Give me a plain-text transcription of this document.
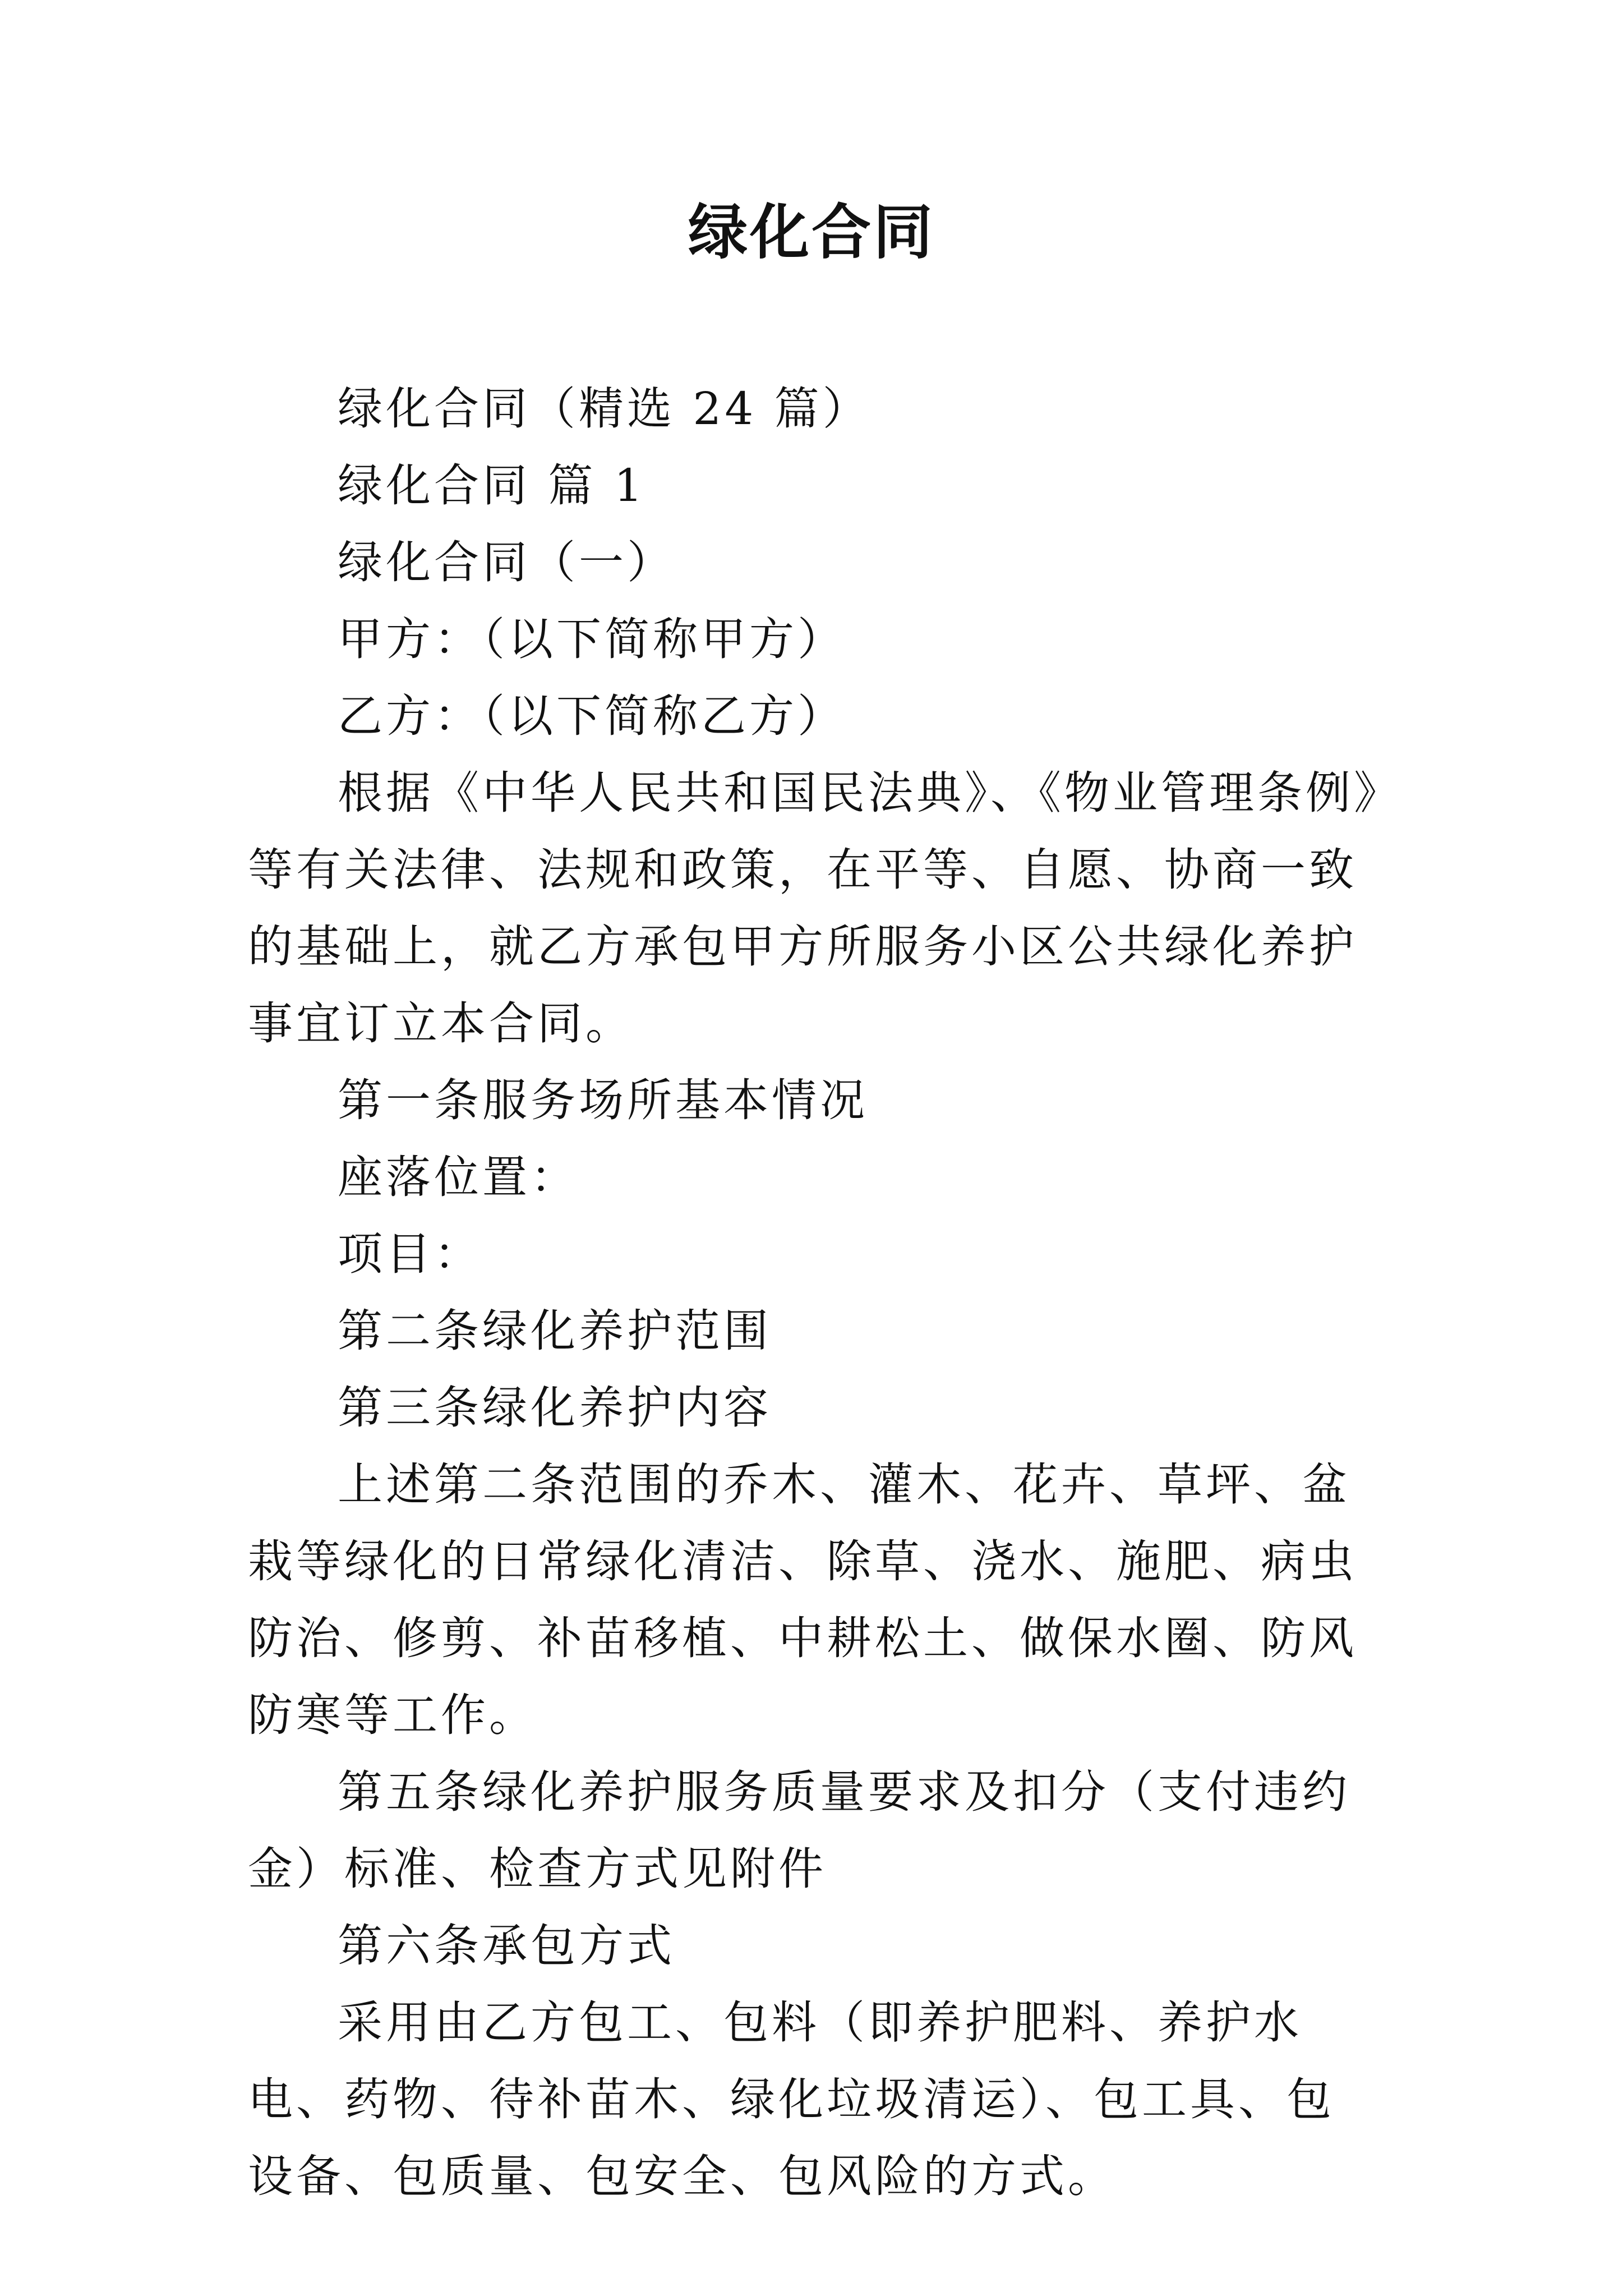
绿化合同

绿化合同（精选 24 篇）

绿化合同 篇 1

绿化合同（一）

甲方：（以下简称甲方）

乙方：（以下简称乙方）

根据《中华人民共和国民法典》、《物业管理条例》等有关法律、法规和政策，在平等、自愿、协商一致的基础上，就乙方承包甲方所服务小区公共绿化养护事宜订立本合同。

第一条服务场所基本情况

座落位置：

项目：

第二条绿化养护范围

第三条绿化养护内容

上述第二条范围的乔木、灌木、花卉、草坪、盆栽等绿化的日常绿化清洁、除草、浇水、施肥、病虫防治、修剪、补苗移植、中耕松土、做保水圈、防风防寒等工作。

第五条绿化养护服务质量要求及扣分（支付违约金）标准、检查方式见附件

第六条承包方式

采用由乙方包工、包料（即养护肥料、养护水电、药物、待补苗木、绿化垃圾清运）、包工具、包设备、包质量、包安全、包风险的方式。
